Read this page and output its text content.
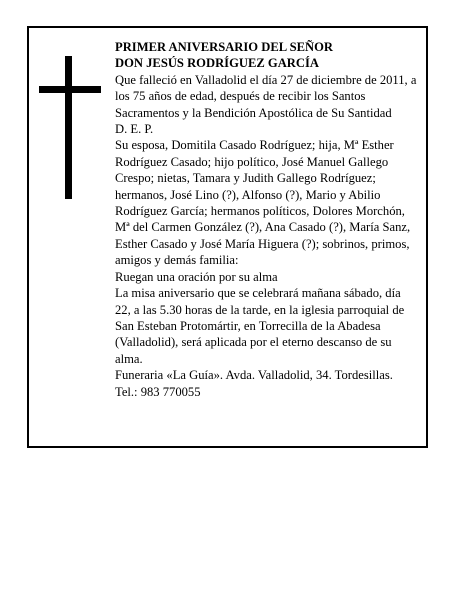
PRIMER ANIVERSARIO DEL SEÑOR

DON JESÚS RODRÍGUEZ GARCÍA

Que falleció en Valladolid el día 27 de diciembre de 2011, a los 75 años de edad, después de recibir los Santos Sacramentos y la Bendición Apostólica de Su Santidad

D. E. P.

Su esposa, Domitila Casado Rodríguez; hija, Mª Esther Rodríguez Casado; hijo político, José Manuel Gallego Crespo; nietas, Tamara y Judith Gallego Rodríguez; hermanos, José Lino (?), Alfonso (?), Mario y Abilio Rodríguez García; hermanos políticos, Dolores Morchón, Mª del Carmen González (?), Ana Casado (?), María Sanz, Esther Casado y José María Higuera (?); sobrinos, primos, amigos y demás familia:

Ruegan una oración por su alma

La misa aniversario que se celebrará mañana sábado, día 22, a las 5.30 horas de la tarde, en la iglesia parroquial de San Esteban Protomártir, en Torrecilla de la Abadesa (Valladolid), será aplicada por el eterno descanso de su alma.

Funeraria «La Guía». Avda. Valladolid, 34. Tordesillas. Tel.: 983 770055
